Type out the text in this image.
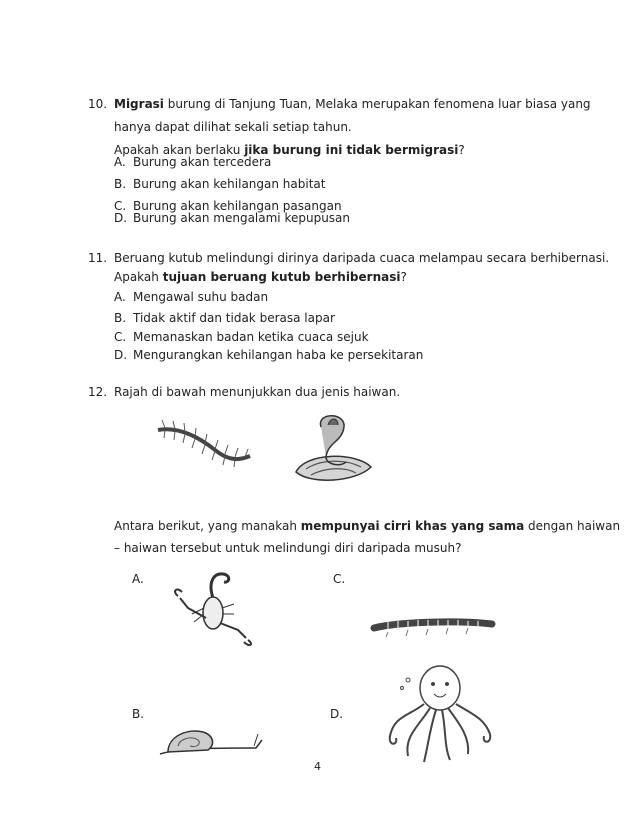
10. Migrasi burung di Tanjung Tuan, Melaka merupakan fenomena luar biasa yang
hanya dapat dilihat sekali setiap tahun.
Apakah akan berlaku jika burung ini tidak bermigrasi?
A. Burung akan tercedera
B. Burung akan kehilangan habitat
C. Burung akan kehilangan pasangan
D. Burung akan mengalami kepupusan
11. Beruang kutub melindungi dirinya daripada cuaca melampau secara berhibernasi.
Apakah tujuan beruang kutub berhibernasi?
A. Mengawal suhu badan
B. Tidak aktif dan tidak berasa lapar
C. Memanaskan badan ketika cuaca sejuk
D. Mengurangkan kehilangan haba ke persekitaran
12. Rajah di bawah menunjukkan dua jenis haiwan.
Antara berikut, yang manakah mempunyai cirri khas yang sama dengan haiwan
– haiwan tersebut untuk melindungi diri daripada musuh?
A.	C.
B.	D.
4
